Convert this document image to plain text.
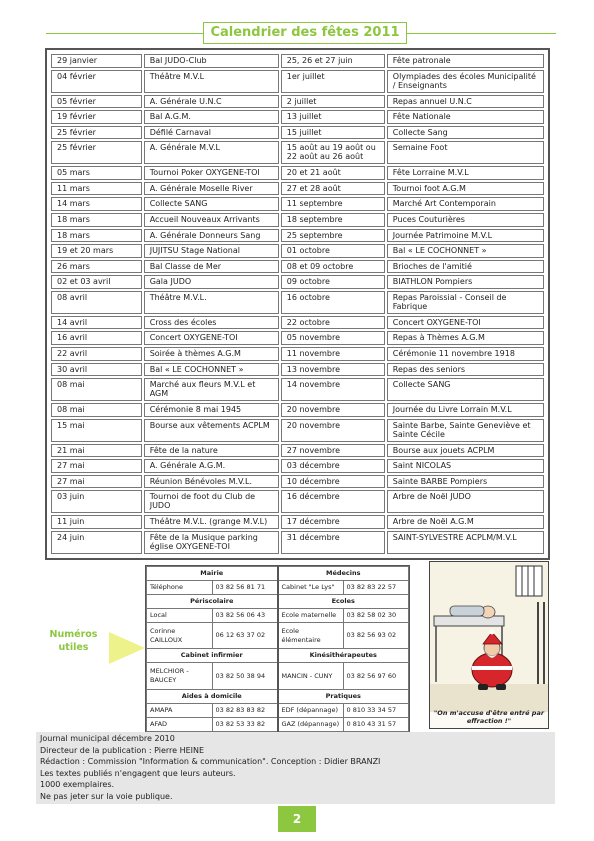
Calendrier des fêtes 2011
29 janvier	Bal JUDO-Club	25, 26 et 27 juin	Fête patronale
04 février	Théâtre M.V.L	1er juillet	Olympiades des écoles Municipalité / Enseignants
05 février	A. Générale U.N.C	2 juillet	Repas annuel U.N.C
19 février	Bal A.G.M.	13 juillet	Fête Nationale
25 février	Défilé Carnaval	15 juillet	Collecte Sang
25 février	A. Générale M.V.L	15 août au 19 août ou 22 août au 26 août	Semaine Foot
05 mars	Tournoi Poker OXYGENE-TOI	20 et 21 août	Fête Lorraine M.V.L
11 mars	A. Générale Moselle River	27 et 28 août	Tournoi foot A.G.M
14 mars	Collecte SANG	11 septembre	Marché Art Contemporain
18 mars	Accueil Nouveaux Arrivants	18 septembre	Puces Couturières
18 mars	A. Générale Donneurs Sang	25 septembre	Journée Patrimoine M.V.L
19 et 20 mars	JUJITSU Stage National	01 octobre	Bal « LE COCHONNET »
26 mars	Bal Classe de Mer	08 et 09 octobre	Brioches de l'amitié
02 et 03 avril	Gala JUDO	09 octobre	BIATHLON Pompiers
08 avril	Théâtre M.V.L.	16 octobre	Repas Paroissial - Conseil de Fabrique
14 avril	Cross des écoles	22 octobre	Concert OXYGENE-TOI
16 avril	Concert OXYGENE-TOI	05 novembre	Repas à Thèmes A.G.M
22 avril	Soirée à thèmes A.G.M	11 novembre	Cérémonie 11 novembre 1918
30 avril	Bal « LE COCHONNET »	13 novembre	Repas des seniors
08 mai	Marché aux fleurs M.V.L et AGM	14 novembre	Collecte SANG
08 mai	Cérémonie 8 mai 1945	20 novembre	Journée du Livre Lorrain M.V.L
15 mai	Bourse aux vêtements ACPLM	20 novembre	Sainte Barbe, Sainte Geneviève et Sainte Cécile
21 mai	Fête de la nature	27 novembre	Bourse aux jouets ACPLM
27 mai	A. Générale A.G.M.	03 décembre	Saint NICOLAS
27 mai	Réunion Bénévoles M.V.L.	10 décembre	Sainte BARBE Pompiers
03 juin	Tournoi de foot du Club de JUDO	16 décembre	Arbre de Noël JUDO
11 juin	Théâtre M.V.L. (grange M.V.L)	17 décembre	Arbre de Noël A.G.M
24 juin	Fête de la Musique parking église OXYGENE-TOI	31 décembre	SAINT-SYLVESTRE ACPLM/M.V.L
Numéros
utiles
Mairie		Médecins	
Téléphone	03 82 56 81 71	Cabinet "Le Lys"	03 82 83 22 57
Périscolaire		Ecoles	
Local	03 82 56 06 43	Ecole maternelle	03 82 58 02 30
Corinne CAILLOUX	06 12 63 37 02	Ecole élémentaire	03 82 56 93 02
Cabinet infirmier		Kinésithérapeutes	
MELCHIOR - BAUCEY	03 82 50 38 94	MANCIN - CUNY	03 82 56 97 60
Aides à domicile		Pratiques	
AMAPA	03 82 83 83 82	EDF (dépannage)	0 810 33 34 57
AFAD	03 82 53 33 82	GAZ (dépannage)	0 810 43 31 57
"On m'accuse d'être entré par effraction !"
Journal municipal décembre 2010
Directeur de la publication : Pierre HEINE
Rédaction : Commission "Information & communication". Conception : Didier BRANZI
Les textes publiés n'engagent que leurs auteurs.
1000 exemplaires.
Ne pas jeter sur la voie publique.
2
